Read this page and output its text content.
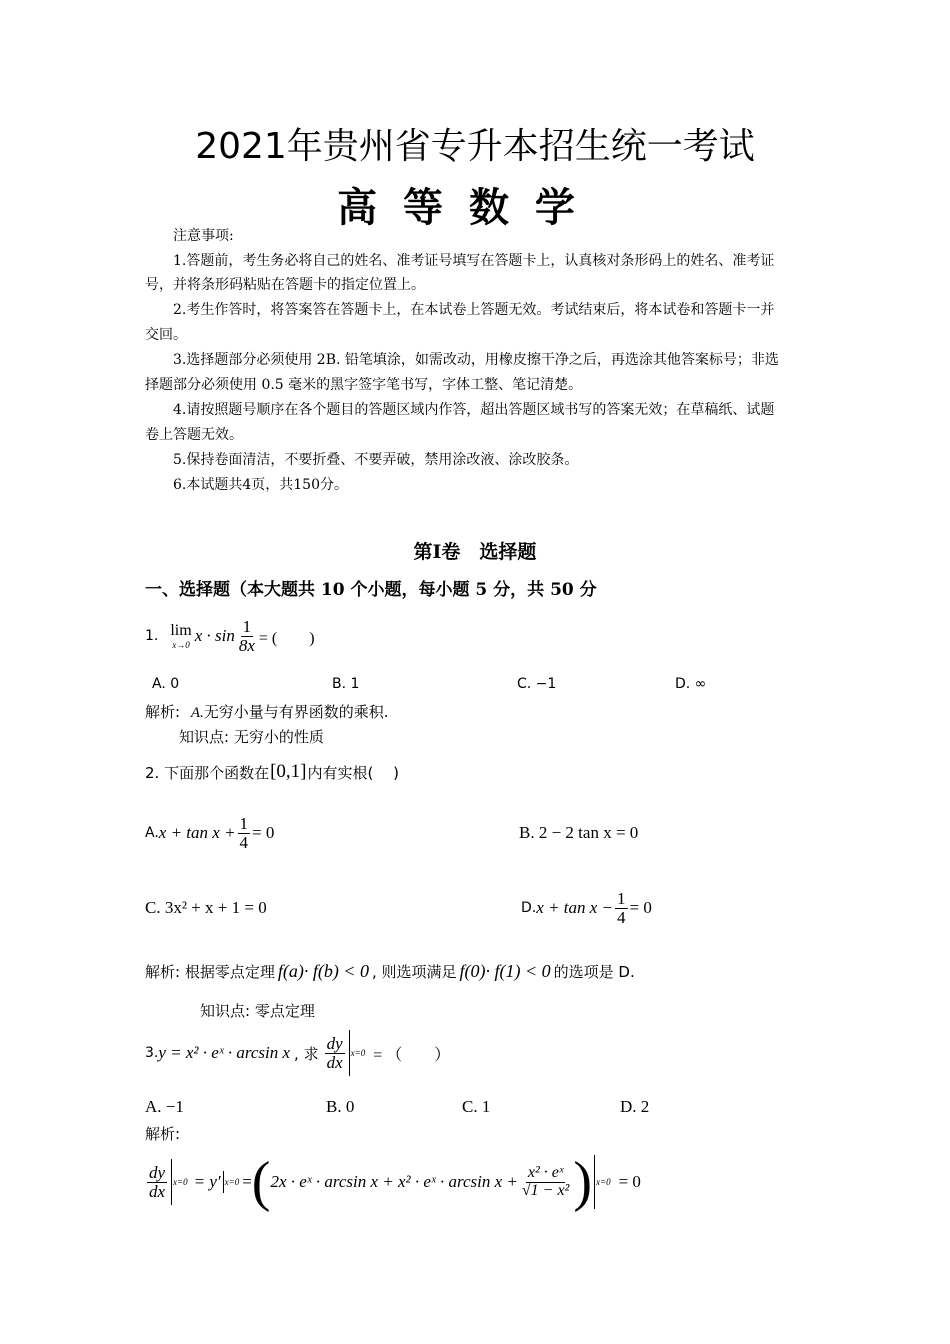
2021年贵州省专升本招生统一考试
高 等 数 学
注意事项:
1.答题前，考生务必将自己的姓名、准考证号填写在答题卡上，认真核对条形码上的姓名、准考证
号，并将条形码粘贴在答题卡的指定位置上。
2.考生作答时，将答案答在答题卡上，在本试卷上答题无效。考试结束后，将本试卷和答题卡一并
交回。
3.选择题部分必须使用 2B. 铅笔填涂，如需改动，用橡皮擦干净之后，再选涂其他答案标号；非选
择题部分必须使用 0.5 毫米的黑字签字笔书写，字体工整、笔记清楚。
4.请按照题号顺序在各个题目的答题区域内作答，超出答题区域书写的答案无效；在草稿纸、试题
卷上答题无效。
5.保持卷面清洁，不要折叠、不要弄破，禁用涂改液、涂改胶条。
6.本试题共4页，共150分。
第Ⅰ卷　选择题
一、选择题（本大题共 10 个小题，每小题 5 分，共 50 分
1. lim
x→0 $x \cdot \sin \frac{1}{8x}$ = (　　)
A. 0	B. 1	C. −1	D. ∞
解析: A.无穷小量与有界函数的乘积.
知识点: 无穷小的性质
2. 下面那个函数在 [0,1] 内有实根(　 )
A. $x + \tan x + \frac{1}{4} = 0$	B. 2 − 2 tan x = 0
C. 3x² + x + 1 = 0	D. $x + \tan x - \frac{1}{4} = 0$
解析: 根据零点定理 f(a)· f(b) < 0 , 则选项满足 f(0)· f(1) < 0 的选项是 D.
知识点: 零点定理
3. y = x² · eˣ · arcsin x , 求 $\frac{dy}{dx} x=0$ = （　　）
A. −1	B. 0	C. 1	D. 2
解析:
$\frac{dy}{dx} x=0 = y'$ x=0 = ( 2x · eˣ · arcsin x + x² · eˣ · $\arcsin x + \frac{\text{x² · eˣ}}{\text{√1 − x²}}$ ) x=0 = 0
